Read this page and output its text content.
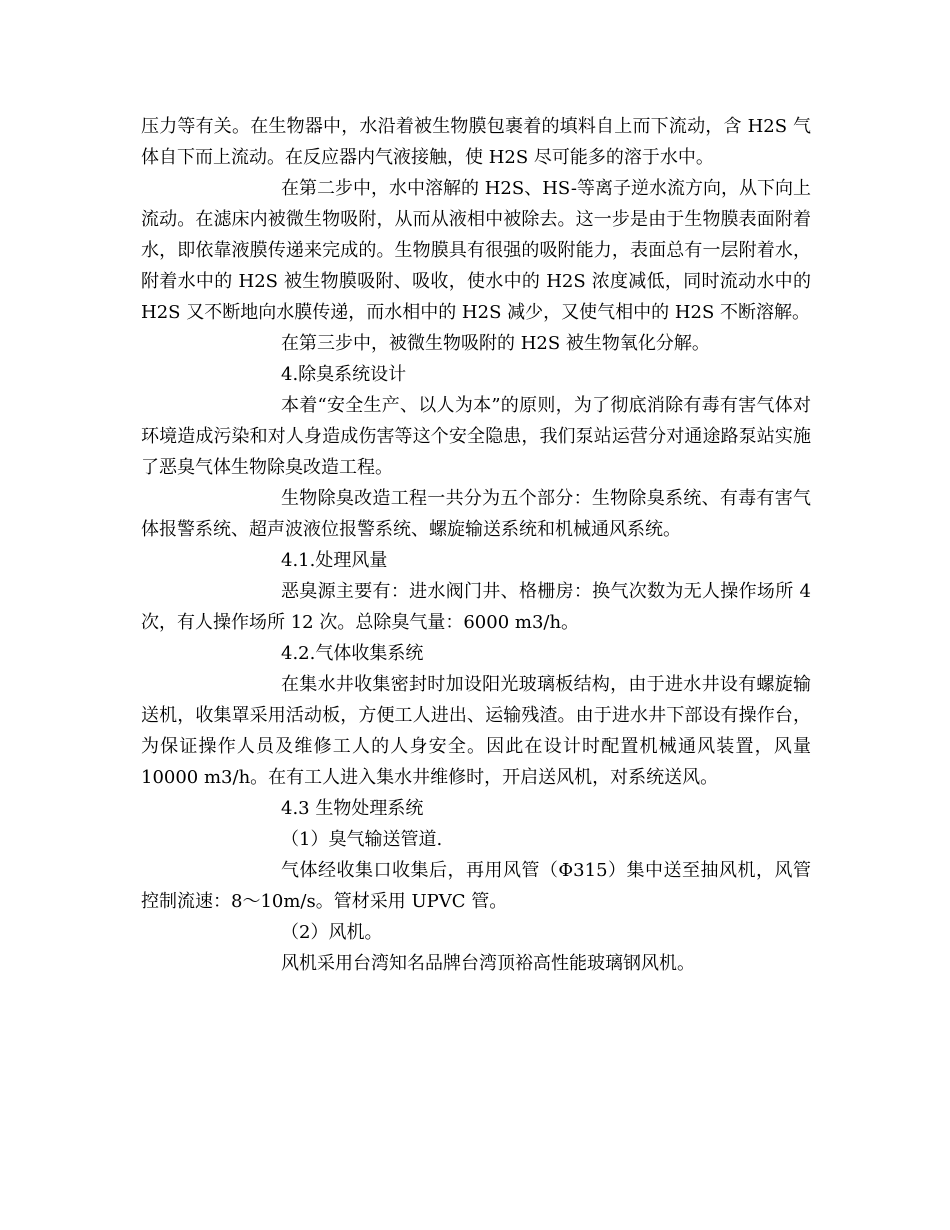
压力等有关。在生物器中，水沿着被生物膜包裹着的填料自上而下流动，含 H2S 气体自下而上流动。在反应器内气液接触，使 H2S 尽可能多的溶于水中。

在第二步中，水中溶解的 H2S、HS-等离子逆水流方向，从下向上流动。在滤床内被微生物吸附，从而从液相中被除去。这一步是由于生物膜表面附着水，即依靠液膜传递来完成的。生物膜具有很强的吸附能力，表面总有一层附着水，附着水中的 H2S 被生物膜吸附、吸收，使水中的 H2S 浓度减低，同时流动水中的 H2S 又不断地向水膜传递，而水相中的 H2S 减少，又使气相中的 H2S 不断溶解。

在第三步中，被微生物吸附的 H2S 被生物氧化分解。

4.除臭系统设计

本着“安全生产、以人为本”的原则，为了彻底消除有毒有害气体对环境造成污染和对人身造成伤害等这个安全隐患，我们泵站运营分对通途路泵站实施了恶臭气体生物除臭改造工程。

生物除臭改造工程一共分为五个部分：生物除臭系统、有毒有害气体报警系统、超声波液位报警系统、螺旋输送系统和机械通风系统。

4.1.处理风量

恶臭源主要有：进水阀门井、格栅房：换气次数为无人操作场所 4 次，有人操作场所 12 次。总除臭气量：6000 m3/h。

4.2.气体收集系统

在集水井收集密封时加设阳光玻璃板结构，由于进水井设有螺旋输送机，收集罩采用活动板，方便工人进出、运输残渣。由于进水井下部设有操作台，为保证操作人员及维修工人的人身安全。因此在设计时配置机械通风装置，风量 10000 m3/h。在有工人进入集水井维修时，开启送风机，对系统送风。

4.3 生物处理系统

（1）臭气输送管道.

气体经收集口收集后，再用风管（Φ315）集中送至抽风机，风管控制流速：8～10m/s。管材采用 UPVC 管。

（2）风机。

风机采用台湾知名品牌台湾顶裕高性能玻璃钢风机。
